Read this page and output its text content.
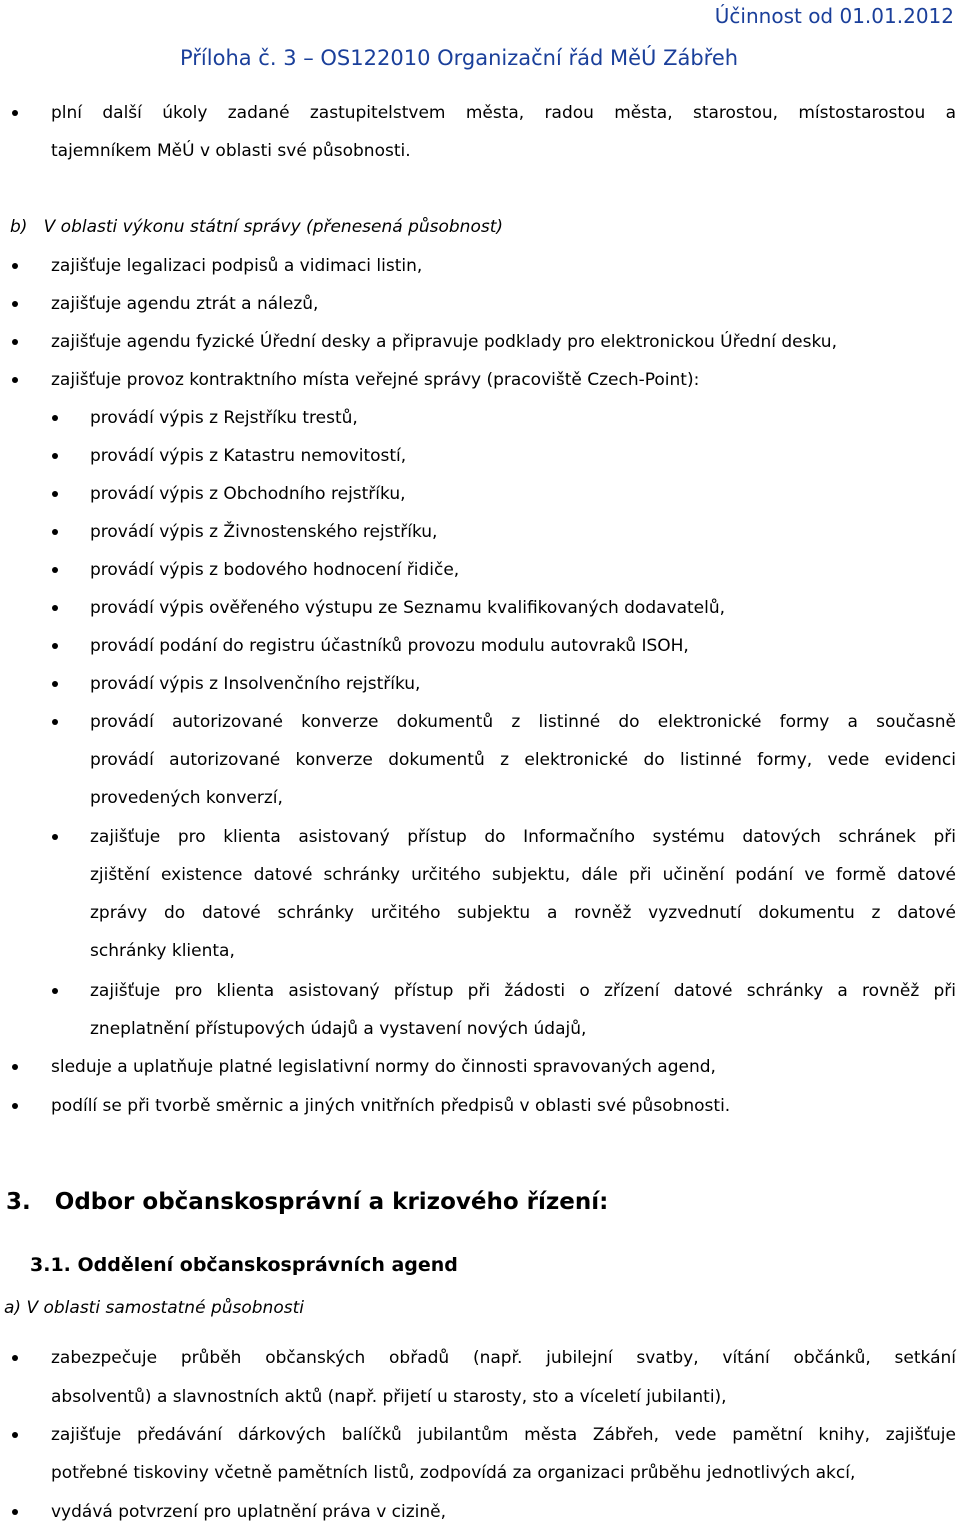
Účinnost od 01.01.2012
Příloha č. 3 – OS122010 Organizační řád MěÚ Zábřeh
plní další úkoly zadané zastupitelstvem města, radou města, starostou, místostarostou a
tajemníkem MěÚ v oblasti své působnosti.
b)   V oblasti výkonu státní správy (přenesená působnost)
zajišťuje legalizaci podpisů a vidimaci listin,
zajišťuje agendu ztrát a nálezů,
zajišťuje agendu fyzické Úřední desky a připravuje podklady pro elektronickou Úřední desku,
zajišťuje provoz kontraktního místa veřejné správy (pracoviště Czech-Point):
provádí výpis z Rejstříku trestů,
provádí výpis z Katastru nemovitostí,
provádí výpis z Obchodního rejstříku,
provádí výpis z Živnostenského rejstříku,
provádí výpis z bodového hodnocení řidiče,
provádí výpis ověřeného výstupu ze Seznamu kvalifikovaných dodavatelů,
provádí podání do registru účastníků provozu modulu autovraků ISOH,
provádí výpis z Insolvenčního rejstříku,
provádí autorizované konverze dokumentů z listinné do elektronické formy a současně
provádí autorizované konverze dokumentů z elektronické do listinné formy, vede evidenci
provedených konverzí,
zajišťuje pro klienta asistovaný přístup do Informačního systému datových schránek při
zjištění existence datové schránky určitého subjektu, dále při učinění podání ve formě datové
zprávy do datové schránky určitého subjektu a rovněž vyzvednutí dokumentu z datové
schránky klienta,
zajišťuje pro klienta asistovaný přístup při žádosti o zřízení datové schránky a rovněž při
zneplatnění přístupových údajů a vystavení nových údajů,
sleduje a uplatňuje platné legislativní normy do činnosti spravovaných agend,
podílí se při tvorbě směrnic a jiných vnitřních předpisů v oblasti své působnosti.
3.   Odbor občanskosprávní a krizového řízení:
3.1. Oddělení občanskosprávních agend
a) V oblasti samostatné působnosti
zabezpečuje průběh občanských obřadů (např. jubilejní svatby, vítání občánků, setkání
absolventů) a slavnostních aktů (např. přijetí u starosty, sto a víceletí jubilanti),
zajišťuje předávání dárkových balíčků jubilantům města Zábřeh, vede pamětní knihy, zajišťuje
potřebné tiskoviny včetně pamětních listů, zodpovídá za organizaci průběhu jednotlivých akcí,
vydává potvrzení pro uplatnění práva v cizině,
